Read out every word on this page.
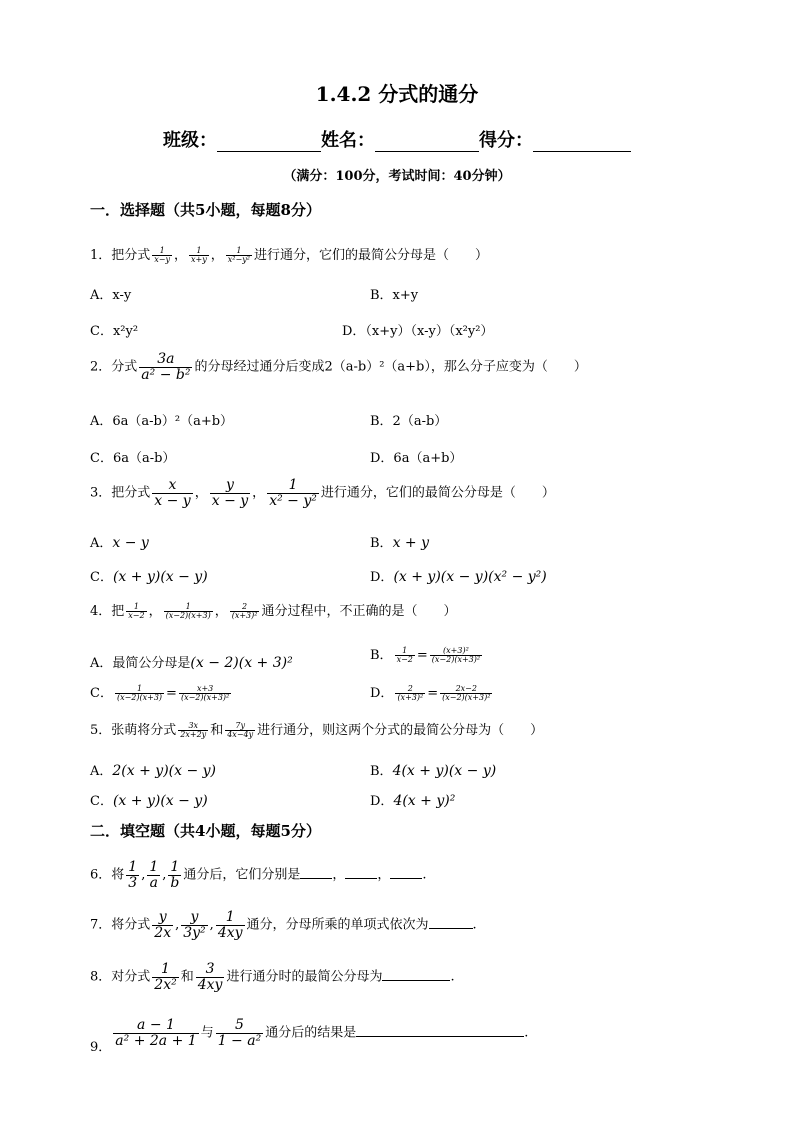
1.4.2 分式的通分
班级：	姓名：	得分：
（满分：100分，考试时间：40分钟）
一．选择题（共5小题，每题8分）
1．把分式 $\frac{1}{x-y}$ ， $\frac{1}{x+y}$ ， $\frac{1}{\text{x²−y²}}$ 进行通分，它们的最简公分母是（　　）
A．x-y	B．x+y
C．x²y²	D．（x+y）（x-y）（x²y²）
2．分式 $\frac{3a}{\text{a² − b²}}$ 的分母经过通分后变成2（a-b）²（a+b），那么分子应变为（　　）
A．6a（a-b）²（a+b）	B．2（a-b）
C．6a（a-b）	D．6a（a+b）
3．把分式 $\frac{x}{x - y}$ ， $\frac{y}{x - y}$ ， $\frac{1}{\text{x² − y²}}$ 进行通分，它们的最简公分母是（　　）
A．x − y	B．x + y
C．(x + y)(x − y)	D．(x + y)(x − y)(x² − y²)
4．把 $\frac{1}{x-2}$ ， $\frac{1}{(x-2)(x+3)}$ ， $\frac{2}{\text{(x+3)²}}$ 通分过程中，不正确的是（　　）
A．最简公分母是(x − 2)(x + 3)²	B． $\frac{1}{x-2} = \frac{\text{(x+3)²}}{\text{(x−2)(x+3)²}}$
C． $\frac{1}{(x-2)(x+3)} = \frac{x+3}{\text{(x−2)(x+3)²}}$	D． $\frac{2}{\text{(x+3)²}} = \frac{2x-2}{\text{(x−2)(x+3)²}}$
5．张萌将分式 $\frac{3x}{2x+2y}$ 和 $\frac{7y}{4x-4y}$ 进行通分，则这两个分式的最简公分母为（　　）
A．2(x + y)(x − y)	B．4(x + y)(x − y)
C．(x + y)(x − y)	D．4(x + y)²
二．填空题（共4小题，每题5分）
6．将 $\frac{1}{3}$ , $\frac{1}{a}$ , $\frac{1}{b}$ 通分后，它们分别是 ， ， .
7．将分式 $\frac{y}{2x}$ , $\frac{y}{\text{3y²}}$ , $\frac{1}{4xy}$ 通分，分母所乘的单项式依次为	.
8．对分式 $\frac{1}{\text{2x²}}$ 和 $\frac{3}{4xy}$ 进行通分时的最简公分母为	.
9． $\frac{a - 1}{\text{a² + 2a + 1}}$ 与 $\frac{5}{\text{1 − a²}}$ 通分后的结果是	.
